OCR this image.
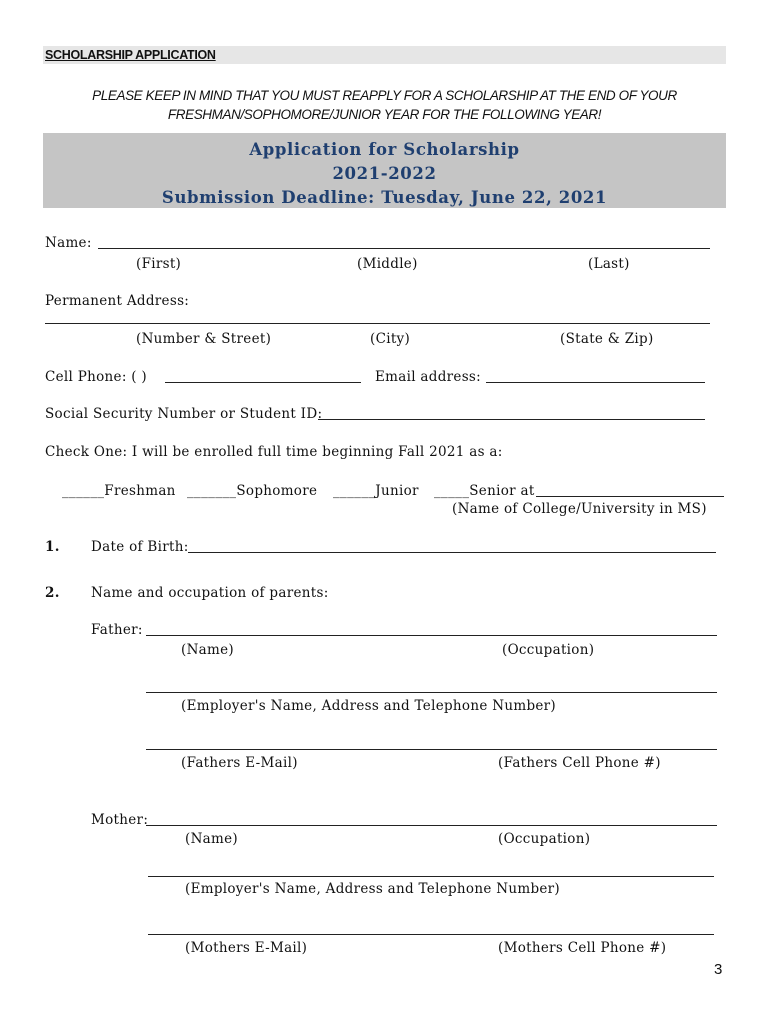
SCHOLARSHIP APPLICATION
PLEASE KEEP IN MIND THAT YOU MUST REAPPLY FOR A SCHOLARSHIP AT THE END OF YOUR
FRESHMAN/SOPHOMORE/JUNIOR YEAR FOR THE FOLLOWING YEAR!
Application for Scholarship
2021-2022
Submission Deadline: Tuesday, June 22, 2021
Name:
(First)	(Middle)	(Last)
Permanent Address:
(Number & Street)	(City)	(State & Zip)
Cell Phone: ( )	Email address:
Social Security Number or Student ID:
Check One: I will be enrolled full time beginning Fall 2021 as a:
______Freshman _______Sophomore ______Junior _____Senior at
(Name of College/University in MS)
1. Date of Birth:
2. Name and occupation of parents:
Father:
(Name)	(Occupation)
(Employer's Name, Address and Telephone Number)
(Fathers E-Mail)	(Fathers Cell Phone #)
Mother:
(Name)	(Occupation)
(Employer's Name, Address and Telephone Number)
(Mothers E-Mail)	(Mothers Cell Phone #)
3
